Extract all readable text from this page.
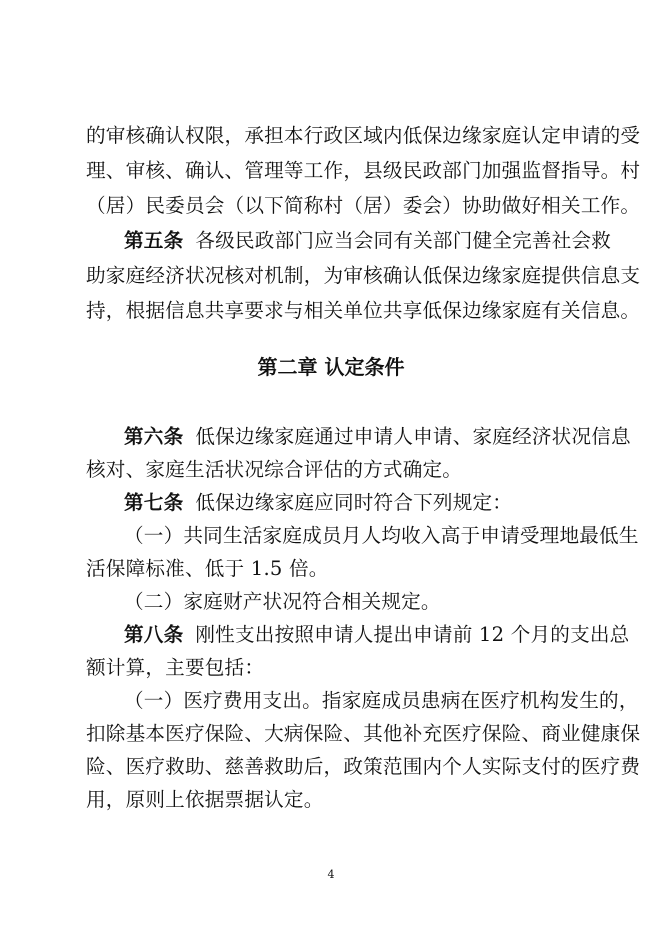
的审核确认权限，承担本行政区域内低保边缘家庭认定申请的受
理、审核、确认、管理等工作，县级民政部门加强监督指导。村
（居）民委员会（以下简称村（居）委会）协助做好相关工作。
第五条 各级民政部门应当会同有关部门健全完善社会救
助家庭经济状况核对机制，为审核确认低保边缘家庭提供信息支
持，根据信息共享要求与相关单位共享低保边缘家庭有关信息。
第二章 认定条件
第六条 低保边缘家庭通过申请人申请、家庭经济状况信息
核对、家庭生活状况综合评估的方式确定。
第七条 低保边缘家庭应同时符合下列规定：
（一）共同生活家庭成员月人均收入高于申请受理地最低生
活保障标准、低于 1.5 倍。
（二）家庭财产状况符合相关规定。
第八条 刚性支出按照申请人提出申请前 12 个月的支出总
额计算，主要包括：
（一）医疗费用支出。指家庭成员患病在医疗机构发生的，
扣除基本医疗保险、大病保险、其他补充医疗保险、商业健康保
险、医疗救助、慈善救助后，政策范围内个人实际支付的医疗费
用，原则上依据票据认定。
4
